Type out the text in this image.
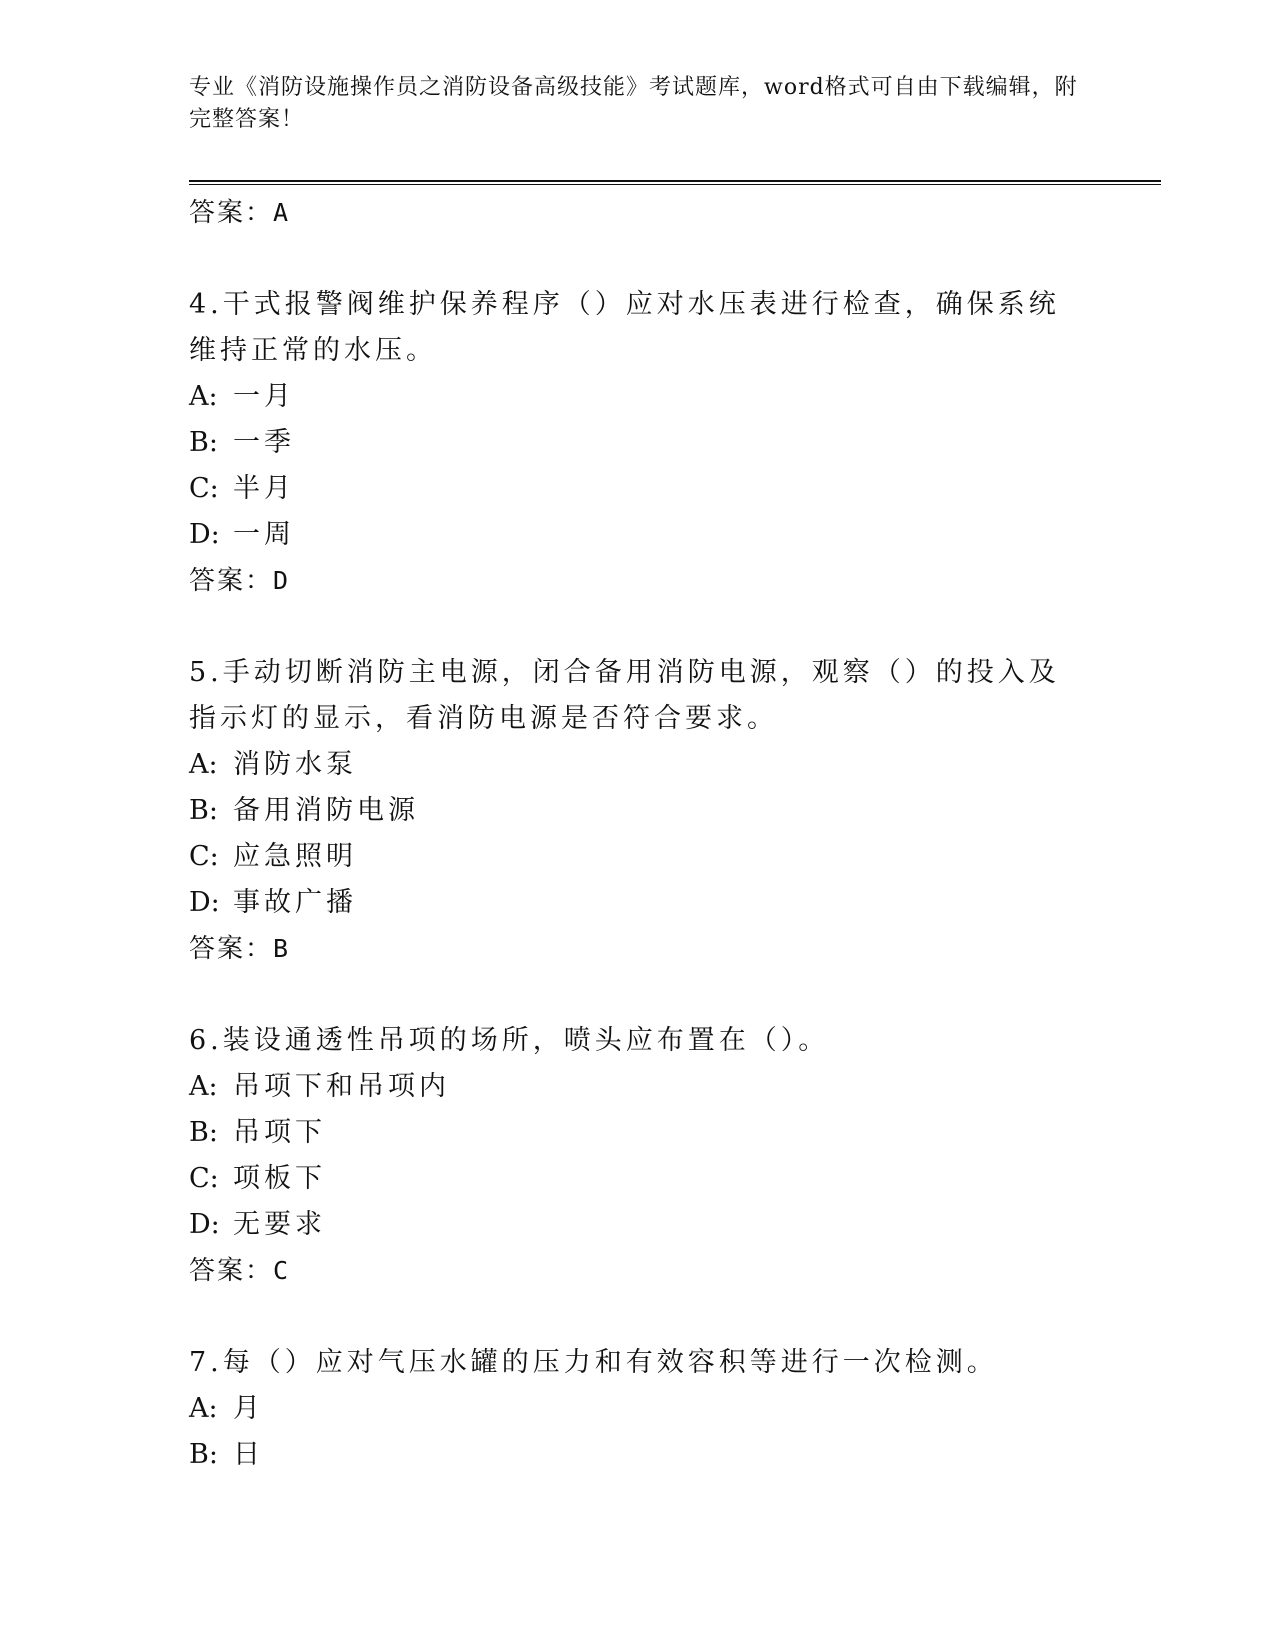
专业《消防设施操作员之消防设备高级技能》考试题库，word格式可自由下载编辑，附完整答案！
答案：A
4.干式报警阀维护保养程序（）应对水压表进行检查，确保系统维持正常的水压。
A: 一月
B: 一季
C: 半月
D: 一周
答案：D
5.手动切断消防主电源，闭合备用消防电源，观察（）的投入及指示灯的显示，看消防电源是否符合要求。
A: 消防水泵
B: 备用消防电源
C: 应急照明
D: 事故广播
答案：B
6.装设通透性吊项的场所，喷头应布置在（）。
A: 吊项下和吊项内
B: 吊项下
C: 项板下
D: 无要求
答案：C
7.每（）应对气压水罐的压力和有效容积等进行一次检测。
A: 月
B: 日
